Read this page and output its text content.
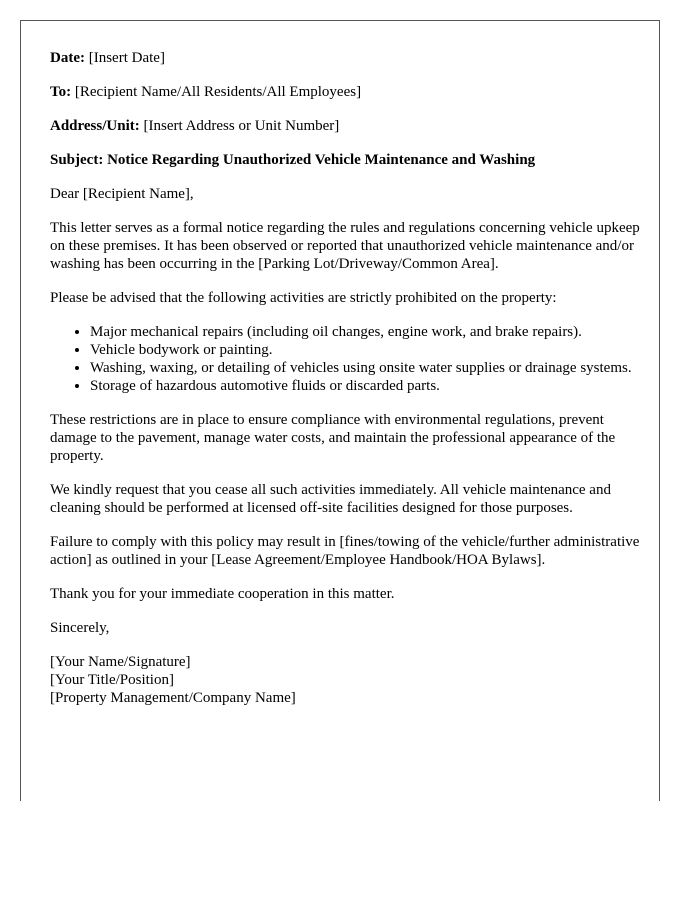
Date: [Insert Date]

To: [Recipient Name/All Residents/All Employees]

Address/Unit: [Insert Address or Unit Number]

Subject: Notice Regarding Unauthorized Vehicle Maintenance and Washing

Dear [Recipient Name],

This letter serves as a formal notice regarding the rules and regulations concerning vehicle upkeep on these premises. It has been observed or reported that unauthorized vehicle maintenance and/or washing has been occurring in the [Parking Lot/Driveway/Common Area].

Please be advised that the following activities are strictly prohibited on the property:

• Major mechanical repairs (including oil changes, engine work, and brake repairs).
• Vehicle bodywork or painting.
• Washing, waxing, or detailing of vehicles using onsite water supplies or drainage systems.
• Storage of hazardous automotive fluids or discarded parts.

These restrictions are in place to ensure compliance with environmental regulations, prevent damage to the pavement, manage water costs, and maintain the professional appearance of the property.

We kindly request that you cease all such activities immediately. All vehicle maintenance and cleaning should be performed at licensed off-site facilities designed for those purposes.

Failure to comply with this policy may result in [fines/towing of the vehicle/further administrative action] as outlined in your [Lease Agreement/Employee Handbook/HOA Bylaws].

Thank you for your immediate cooperation in this matter.

Sincerely,

[Your Name/Signature]
[Your Title/Position]
[Property Management/Company Name]
